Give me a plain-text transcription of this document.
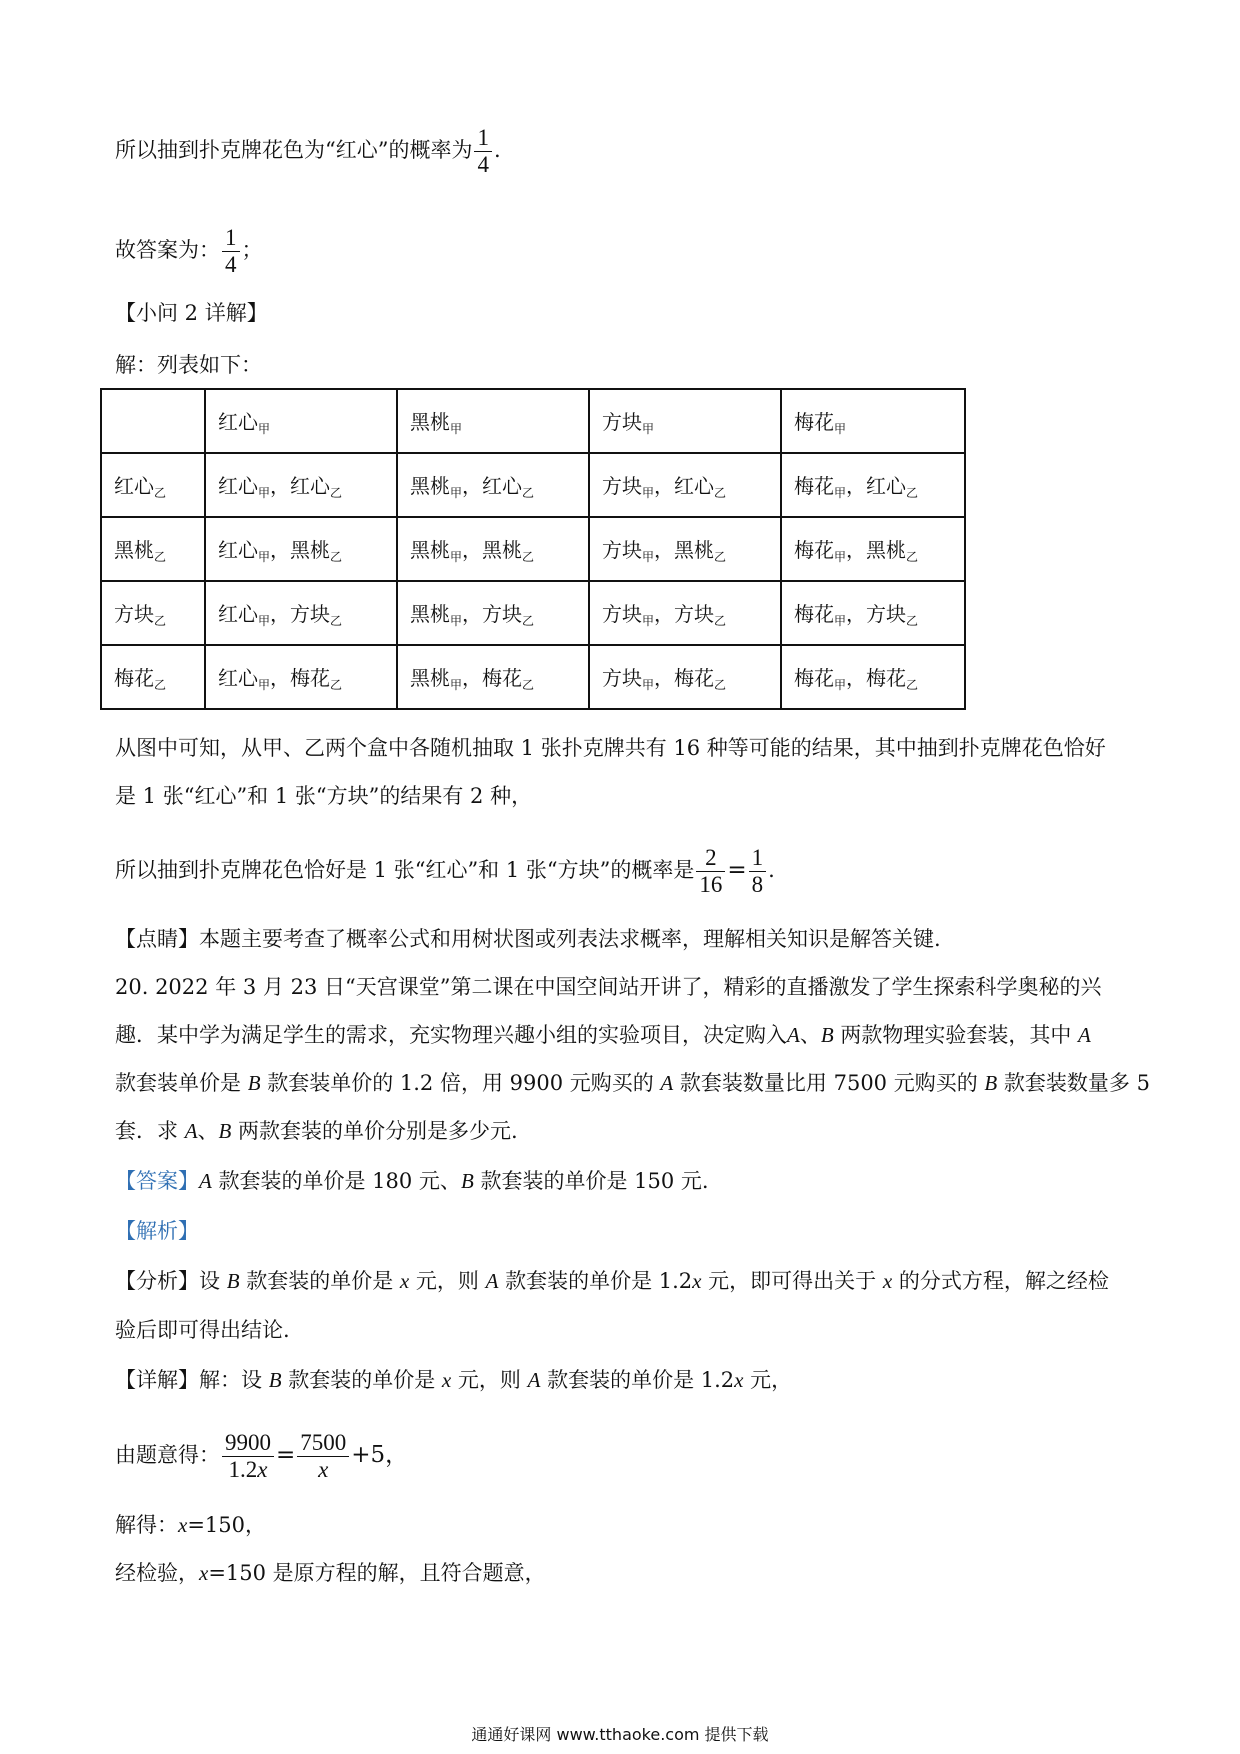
所以抽到扑克牌花色为“红心”的概率为 $\frac{1}{4}$ .
故答案为： $\frac{1}{4}$ ；
【小问 2 详解】
解：列表如下：
	红心$_甲$	黑桃$_甲$	方块$_甲$	梅花$_甲$
红心$_乙$	红心$_甲$，红心$_乙$	黑桃$_甲$，红心$_乙$	方块$_甲$，红心$_乙$	梅花$_甲$，红心$_乙$
黑桃$_乙$	红心$_甲$，黑桃$_乙$	黑桃$_甲$，黑桃$_乙$	方块$_甲$，黑桃$_乙$	梅花$_甲$，黑桃$_乙$
方块$_乙$	红心$_甲$，方块$_乙$	黑桃$_甲$，方块$_乙$	方块$_甲$，方块$_乙$	梅花$_甲$，方块$_乙$
梅花$_乙$	红心$_甲$，梅花$_乙$	黑桃$_甲$，梅花$_乙$	方块$_甲$，梅花$_乙$	梅花$_甲$，梅花$_乙$
从图中可知，从甲、乙两个盒中各随机抽取 1 张扑克牌共有 16 种等可能的结果，其中抽到扑克牌花色恰好
是 1 张“红心”和 1 张“方块”的结果有 2 种，
所以抽到扑克牌花色恰好是 1 张“红心”和 1 张“方块”的概率是 $\frac{2}{16} = \frac{1}{8}$ .
【点睛】本题主要考查了概率公式和用树状图或列表法求概率，理解相关知识是解答关键.
20. 2022 年 3 月 23 日“天宫课堂”第二课在中国空间站开讲了，精彩的直播激发了学生探索科学奥秘的兴
趣．某中学为满足学生的需求，充实物理兴趣小组的实验项目，决定购入A、B 两款物理实验套装，其中 A
款套装单价是 B 款套装单价的 1.2 倍，用 9900 元购买的 A 款套装数量比用 7500 元购买的 B 款套装数量多 5
套．求 A、B 两款套装的单价分别是多少元.
【答案】A 款套装的单价是 180 元、B 款套装的单价是 150 元.
【解析】
【分析】设 B 款套装的单价是 x 元，则 A 款套装的单价是 1.2x 元，即可得出关于 x 的分式方程，解之经检
验后即可得出结论.
【详解】解：设 B 款套装的单价是 x 元，则 A 款套装的单价是 1.2x 元，
由题意得： $\frac{9900}{1.2x} = \frac{7500}{x} +5$，
解得：x=150，
经检验，x=150 是原方程的解，且符合题意，
通通好课网 www.tthaoke.com 提供下载
